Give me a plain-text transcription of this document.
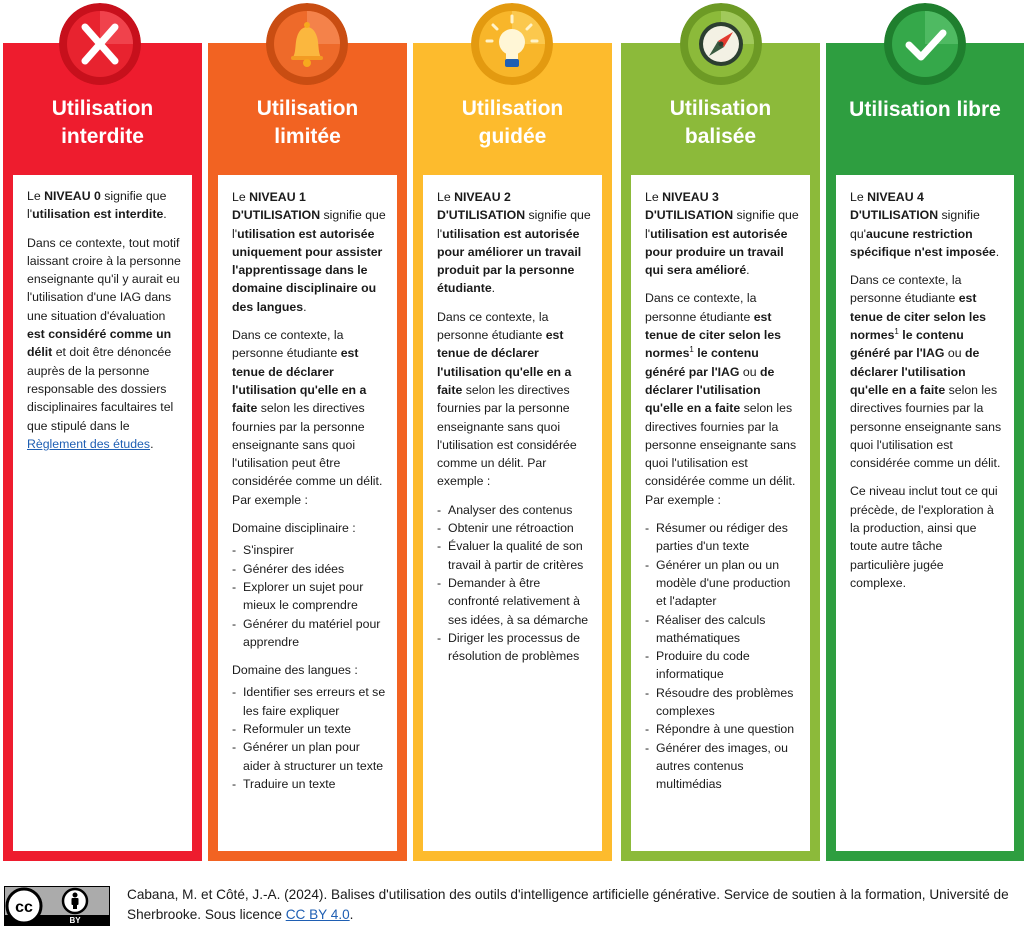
Utilisation
interdite

Le NIVEAU 0 signifie que l'utilisation est interdite.

Dans ce contexte, tout motif laissant croire à la personne enseignante qu'il y aurait eu l'utilisation d'une IAG dans une situation d'évaluation est considéré comme un délit et doit être dénoncée auprès de la personne responsable des dossiers disciplinaires facultaires tel que stipulé dans le Règlement des études.

Utilisation
limitée

Le NIVEAU 1 D'UTILISATION signifie que l'utilisation est autorisée uniquement pour assister l'apprentissage dans le domaine disciplinaire ou des langues.

Dans ce contexte, la personne étudiante est tenue de déclarer l'utilisation qu'elle en a faite selon les directives fournies par la personne enseignante sans quoi l'utilisation peut être considérée comme un délit. Par exemple :

Domaine disciplinaire :
- S'inspirer
- Générer des idées
- Explorer un sujet pour mieux le comprendre
- Générer du matériel pour apprendre
Domaine des langues :
- Identifier ses erreurs et se les faire expliquer
- Reformuler un texte
- Générer un plan pour aider à structurer un texte
- Traduire un texte
Utilisation
guidée

Le NIVEAU 2 D'UTILISATION signifie que l'utilisation est autorisée pour améliorer un travail produit par la personne étudiante.

Dans ce contexte, la personne étudiante est tenue de déclarer l'utilisation qu'elle en a faite selon les directives fournies par la personne enseignante sans quoi l'utilisation est considérée comme un délit. Par exemple :

- Analyser des contenus
- Obtenir une rétroaction
- Évaluer la qualité de son travail à partir de critères
- Demander à être confronté relativement à ses idées, à sa démarche
- Diriger les processus de résolution de problèmes
Utilisation
balisée

Le NIVEAU 3 D'UTILISATION signifie que l'utilisation est autorisée pour produire un travail qui sera amélioré.

Dans ce contexte, la personne étudiante est tenue de citer selon les normes$^1$ le contenu généré par l'IAG ou de déclarer l'utilisation qu'elle en a faite selon les directives fournies par la personne enseignante sans quoi l'utilisation est considérée comme un délit. Par exemple :

- Résumer ou rédiger des parties d'un texte
- Générer un plan ou un modèle d'une production et l'adapter
- Réaliser des calculs mathématiques
- Produire du code informatique
- Résoudre des problèmes complexes
- Répondre à une question
- Générer des images, ou autres contenus multimédias
Utilisation libre

Le NIVEAU 4 D'UTILISATION signifie qu'aucune restriction spécifique n'est imposée.

Dans ce contexte, la personne étudiante est tenue de citer selon les normes$^1$ le contenu généré par l'IAG ou de déclarer l'utilisation qu'elle en a faite selon les directives fournies par la personne enseignante sans quoi l'utilisation est considérée comme un délit.

Ce niveau inclut tout ce qui précède, de l'exploration à la production, ainsi que toute autre tâche particulière jugée complexe.

BY
cc
Cabana, M. et Côté, J.-A. (2024). Balises d'utilisation des outils d'intelligence artificielle générative. Service de soutien à la formation, Université de Sherbrooke. Sous licence CC BY 4.0.
